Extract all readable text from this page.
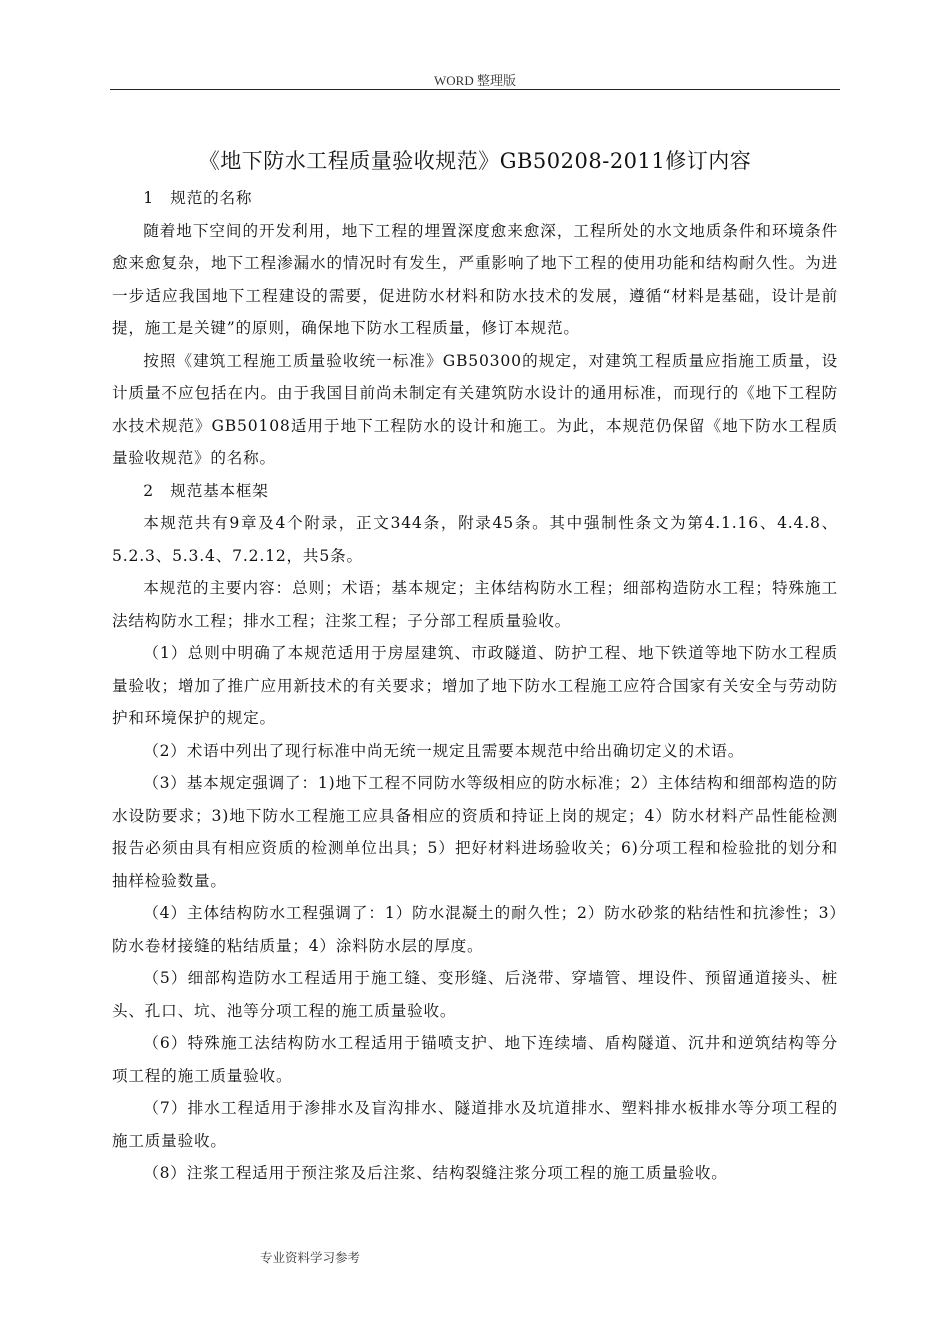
WORD 整理版
《地下防水工程质量验收规范》GB50208-2011修订内容

1　规范的名称

随着地下空间的开发利用，地下工程的埋置深度愈来愈深，工程所处的水文地质条件和环境条件愈来愈复杂，地下工程渗漏水的情况时有发生，严重影响了地下工程的使用功能和结构耐久性。为进一步适应我国地下工程建设的需要，促进防水材料和防水技术的发展，遵循“材料是基础，设计是前提，施工是关键”的原则，确保地下防水工程质量，修订本规范。

按照《建筑工程施工质量验收统一标准》GB50300的规定，对建筑工程质量应指施工质量，设计质量不应包括在内。由于我国目前尚未制定有关建筑防水设计的通用标准，而现行的《地下工程防水技术规范》GB50108适用于地下工程防水的设计和施工。为此，本规范仍保留《地下防水工程质量验收规范》的名称。

2　规范基本框架

本规范共有9章及4个附录，正文344条，附录45条。其中强制性条文为第4.1.16、4.4.8、5.2.3、5.3.4、7.2.12，共5条。

本规范的主要内容：总则；术语；基本规定；主体结构防水工程；细部构造防水工程；特殊施工法结构防水工程；排水工程；注浆工程；子分部工程质量验收。

（1）总则中明确了本规范适用于房屋建筑、市政隧道、防护工程、地下铁道等地下防水工程质量验收；增加了推广应用新技术的有关要求；增加了地下防水工程施工应符合国家有关安全与劳动防护和环境保护的规定。

（2）术语中列出了现行标准中尚无统一规定且需要本规范中给出确切定义的术语。

（3）基本规定强调了：1)地下工程不同防水等级相应的防水标准；2）主体结构和细部构造的防水设防要求；3)地下防水工程施工应具备相应的资质和持证上岗的规定；4）防水材料产品性能检测报告必须由具有相应资质的检测单位出具；5）把好材料进场验收关；6)分项工程和检验批的划分和抽样检验数量。

（4）主体结构防水工程强调了：1）防水混凝土的耐久性；2）防水砂浆的粘结性和抗渗性；3）防水卷材接缝的粘结质量；4）涂料防水层的厚度。

（5）细部构造防水工程适用于施工缝、变形缝、后浇带、穿墙管、埋设件、预留通道接头、桩头、孔口、坑、池等分项工程的施工质量验收。

（6）特殊施工法结构防水工程适用于锚喷支护、地下连续墙、盾构隧道、沉井和逆筑结构等分项工程的施工质量验收。

（7）排水工程适用于渗排水及盲沟排水、隧道排水及坑道排水、塑料排水板排水等分项工程的施工质量验收。

（8）注浆工程适用于预注浆及后注浆、结构裂缝注浆分项工程的施工质量验收。

专业资料学习参考
